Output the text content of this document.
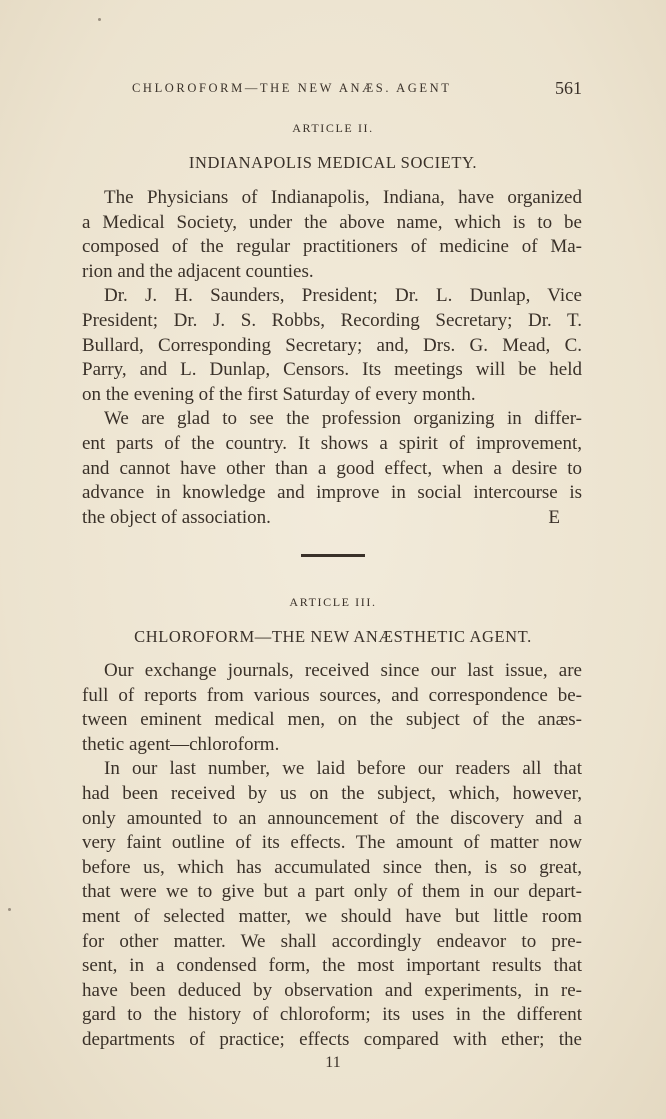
CHLOROFORM—THE NEW ANÆS. AGENT	561
ARTICLE II.
INDIANAPOLIS MEDICAL SOCIETY.
The Physicians of Indianapolis, Indiana, have organized
a Medical Society, under the above name, which is to be
composed of the regular practitioners of medicine of Ma-
rion and the adjacent counties.
Dr. J. H. Saunders, President; Dr. L. Dunlap, Vice
President; Dr. J. S. Robbs, Recording Secretary; Dr. T.
Bullard, Corresponding Secretary; and, Drs. G. Mead, C.
Parry, and L. Dunlap, Censors. Its meetings will be held
on the evening of the first Saturday of every month.
We are glad to see the profession organizing in differ-
ent parts of the country. It shows a spirit of improvement,
and cannot have other than a good effect, when a desire to
advance in knowledge and improve in social intercourse is
the object of association.	E
ARTICLE III.
CHLOROFORM—THE NEW ANÆSTHETIC AGENT.
Our exchange journals, received since our last issue, are
full of reports from various sources, and correspondence be-
tween eminent medical men, on the subject of the anæs-
thetic agent—chloroform.
In our last number, we laid before our readers all that
had been received by us on the subject, which, however,
only amounted to an announcement of the discovery and a
very faint outline of its effects. The amount of matter now
before us, which has accumulated since then, is so great,
that were we to give but a part only of them in our depart-
ment of selected matter, we should have but little room
for other matter. We shall accordingly endeavor to pre-
sent, in a condensed form, the most important results that
have been deduced by observation and experiments, in re-
gard to the history of chloroform; its uses in the different
departments of practice; effects compared with ether; the
11
